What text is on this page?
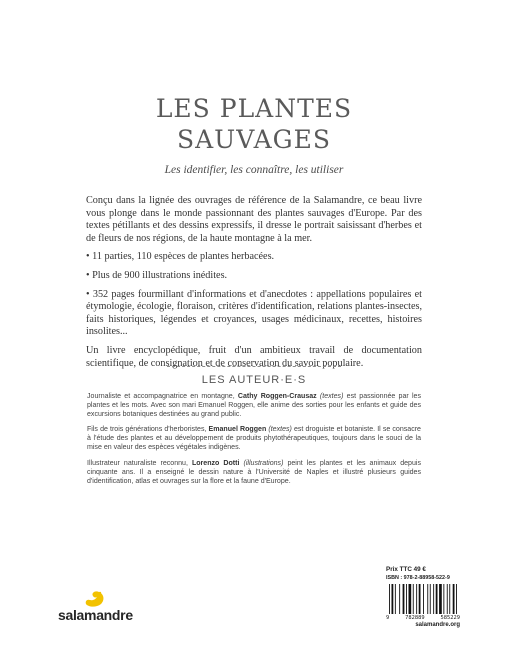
LES PLANTES
SAUVAGES
Les identifier, les connaître, les utiliser

Conçu dans la lignée des ouvrages de référence de la Salamandre, ce beau livre vous plonge dans le monde passionnant des plantes sauvages d'Europe. Par des textes pétillants et des dessins expressifs, il dresse le portrait saisissant d'herbes et de fleurs de nos régions, de la haute montagne à la mer.

• 11 parties, 110 espèces de plantes herbacées.

• Plus de 900 illustrations inédites.

• 352 pages fourmillant d'informations et d'anecdotes : appellations populaires et étymologie, écologie, floraison, critères d'identification, relations plantes-insectes, faits historiques, légendes et croyances, usages médicinaux, recettes, histoires insolites...

Un livre encyclopédique, fruit d'un ambitieux travail de documentation scientifique, de consignation et de conservation du savoir populaire.

LES AUTEUR·E·S

Journaliste et accompagnatrice en montagne, Cathy Roggen-Crausaz (textes) est passionnée par les plantes et les mots. Avec son mari Emanuel Roggen, elle anime des sorties pour les enfants et guide des excursions botaniques destinées au grand public.

Fils de trois générations d'herboristes, Emanuel Roggen (textes) est droguiste et botaniste. Il se consacre à l'étude des plantes et au développement de produits phytothérapeutiques, toujours dans le souci de la mise en valeur des espèces végétales indigènes.

Illustrateur naturaliste reconnu, Lorenzo Dotti (illustrations) peint les plantes et les animaux depuis cinquante ans. Il a enseigné le dessin nature à l'Université de Naples et illustré plusieurs guides d'identification, atlas et ouvrages sur la flore et la faune d'Europe.

salamandre
Prix TTC 49 €
ISBN : 978-2-88958-522-9
9	782889	585229
salamandre.org
